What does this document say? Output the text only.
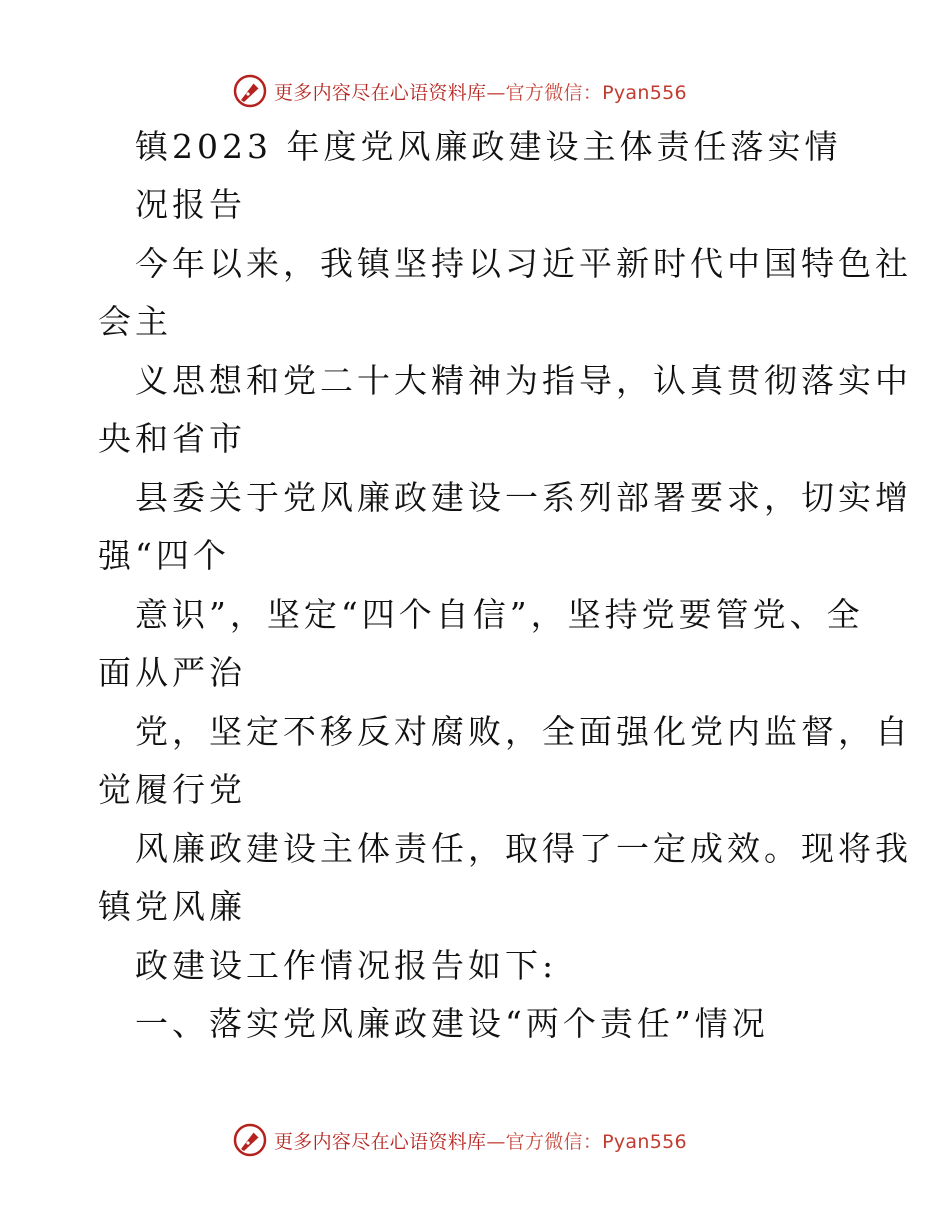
更多内容尽在心语资料库—官方微信：Pyan556
镇2023 年度党风廉政建设主体责任落实情
况报告
今年以来，我镇坚持以习近平新时代中国特色社
会主
义思想和党二十大精神为指导，认真贯彻落实中
央和省市
县委关于党风廉政建设一系列部署要求，切实增
强“四个
意识”，坚定“四个自信”，坚持党要管党、全
面从严治
党，坚定不移反对腐败，全面强化党内监督，自
觉履行党
风廉政建设主体责任，取得了一定成效。现将我
镇党风廉
政建设工作情况报告如下:
一、落实党风廉政建设“两个责任”情况
更多内容尽在心语资料库—官方微信：Pyan556
